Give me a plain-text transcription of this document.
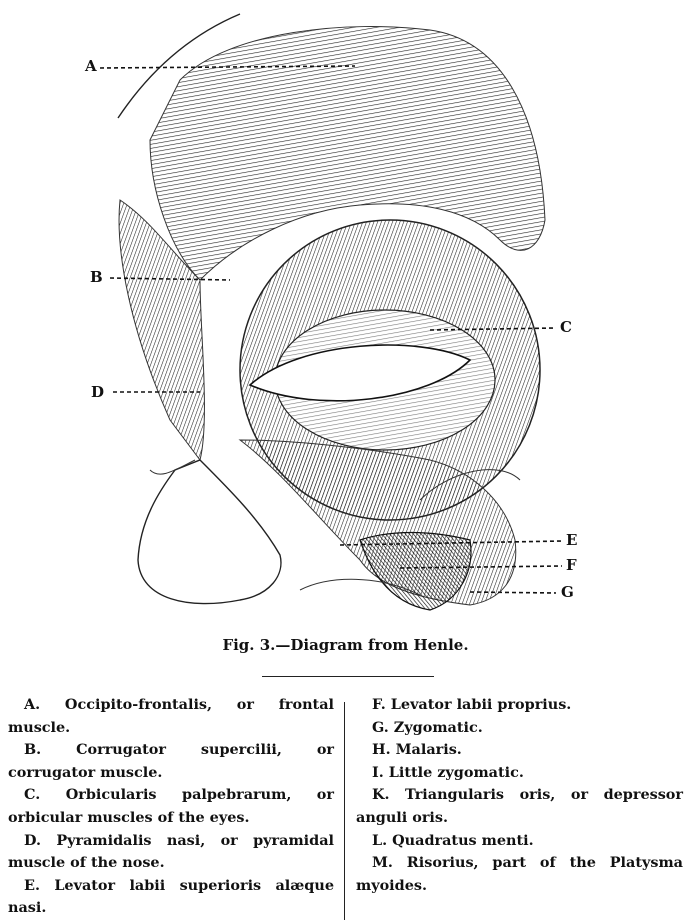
A
B
C
D
E
F
G
Fig. 3.—Diagram from Henle.

A. Occipito-frontalis, or frontal muscle.

B. Corrugator supercilii, or corrugator muscle.

C. Orbicularis palpebrarum, or orbicular muscles of the eyes.

D. Pyramidalis nasi, or pyramidal muscle of the nose.

E. Levator labii superioris alæque nasi.

F. Levator labii proprius.

G. Zygomatic.

H. Malaris.

I. Little zygomatic.

K. Triangularis oris, or depressor anguli oris.

L. Quadratus menti.

M. Risorius, part of the Platysma myoides.
